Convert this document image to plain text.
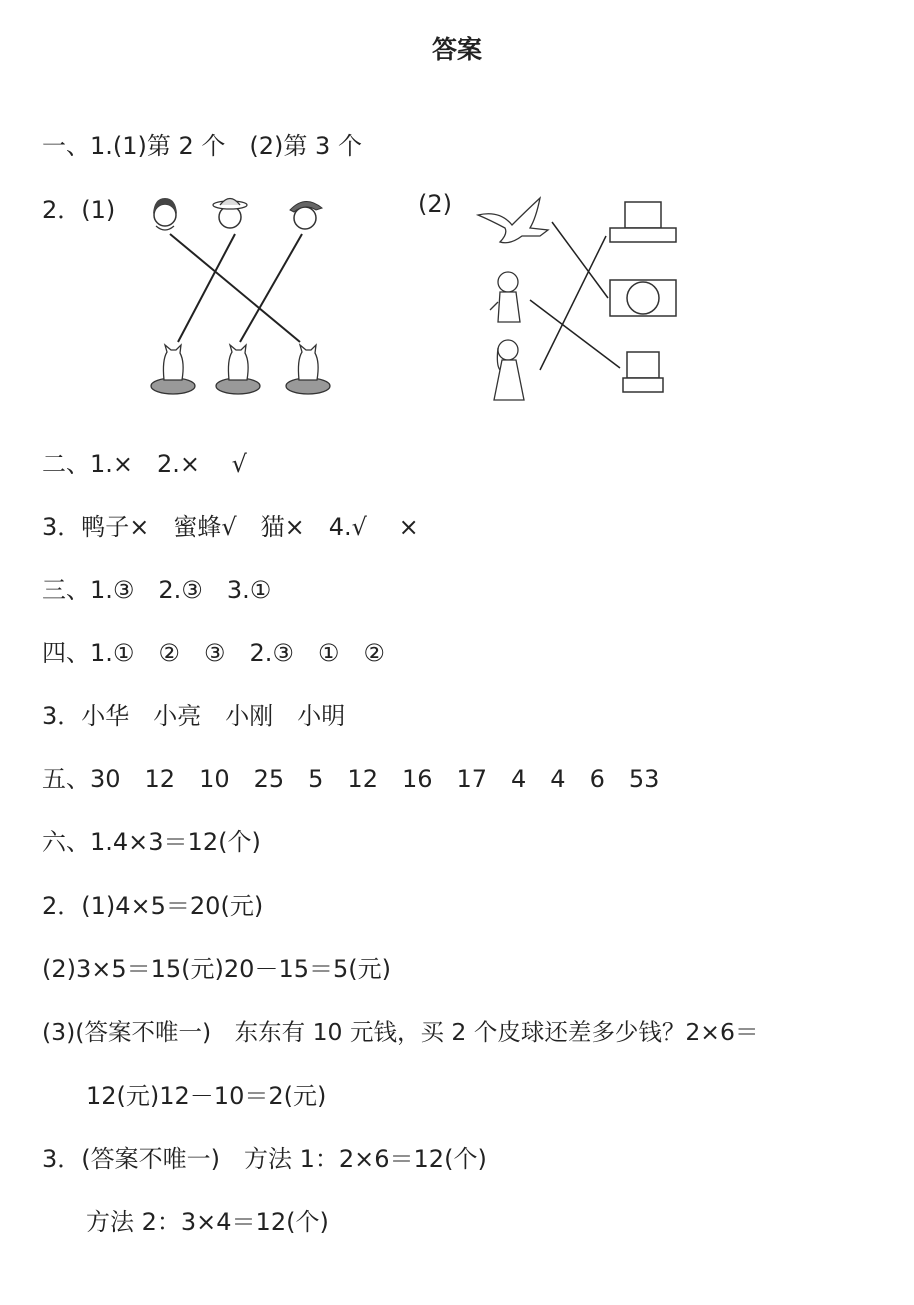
答案
一、1.(1)第 2 个　(2)第 3 个
2．(1)	(2)
二、1.×　2.×　 √
3．鸭子×　蜜蜂√　猫×　4.√　 ×
三、1.③　2.③　3.①
四、1.①　②　③　2.③　①　②
3．小华　小亮　小刚　小明
五、30　12　10　25　5　12　16　17　4　4　6　53
六、1.4×3＝12(个)
2．(1)4×5＝20(元)
(2)3×5＝15(元)20－15＝5(元)
(3)(答案不唯一)　东东有 10 元钱，买 2 个皮球还差多少钱？2×6＝
12(元)12－10＝2(元)
3．(答案不唯一)　方法 1：2×6＝12(个)
方法 2：3×4＝12(个)
